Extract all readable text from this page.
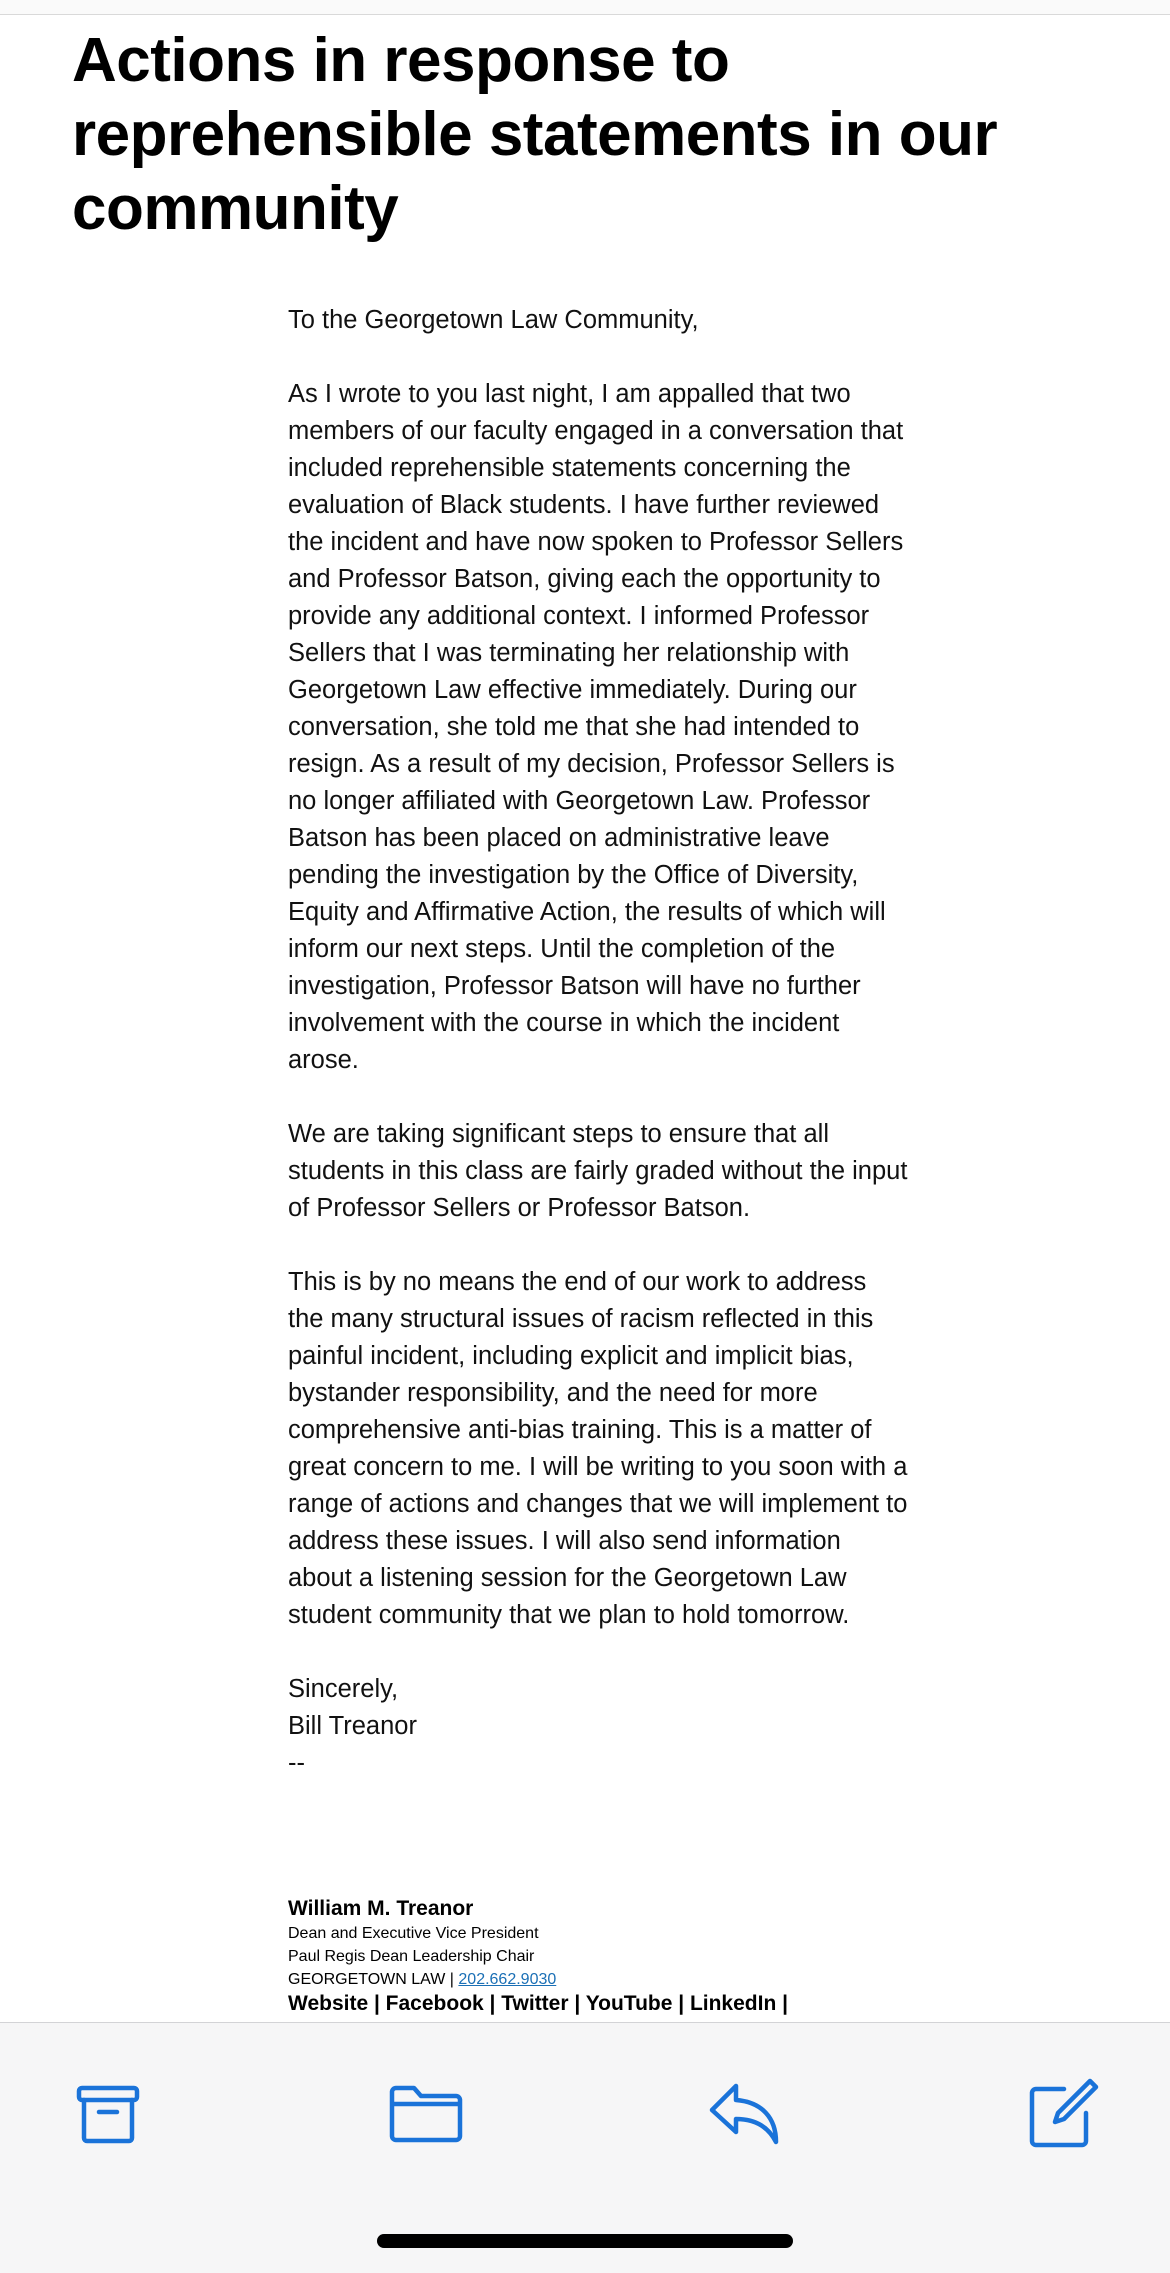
Actions in response to reprehensible statements in our community

To the Georgetown Law Community,

As I wrote to you last night, I am appalled that two members of our faculty engaged in a conversation that included reprehensible statements concerning the evaluation of Black students. I have further reviewed the incident and have now spoken to Professor Sellers and Professor Batson, giving each the opportunity to provide any additional context. I informed Professor Sellers that I was terminating her relationship with Georgetown Law effective immediately. During our conversation, she told me that she had intended to resign. As a result of my decision, Professor Sellers is no longer affiliated with Georgetown Law. Professor Batson has been placed on administrative leave pending the investigation by the Office of Diversity, Equity and Affirmative Action, the results of which will inform our next steps. Until the completion of the investigation, Professor Batson will have no further involvement with the course in which the incident arose.

We are taking significant steps to ensure that all students in this class are fairly graded without the input of Professor Sellers or Professor Batson.

This is by no means the end of our work to address the many structural issues of racism reflected in this painful incident, including explicit and implicit bias, bystander responsibility, and the need for more comprehensive anti-bias training. This is a matter of great concern to me. I will be writing to you soon with a range of actions and changes that we will implement to address these issues. I will also send information about a listening session for the Georgetown Law student community that we plan to hold tomorrow.

Sincerely,
Bill Treanor
--
William M. Treanor
Dean and Executive Vice President
Paul Regis Dean Leadership Chair
GEORGETOWN LAW | 202.662.9030
Website | Facebook | Twitter | YouTube | LinkedIn |
